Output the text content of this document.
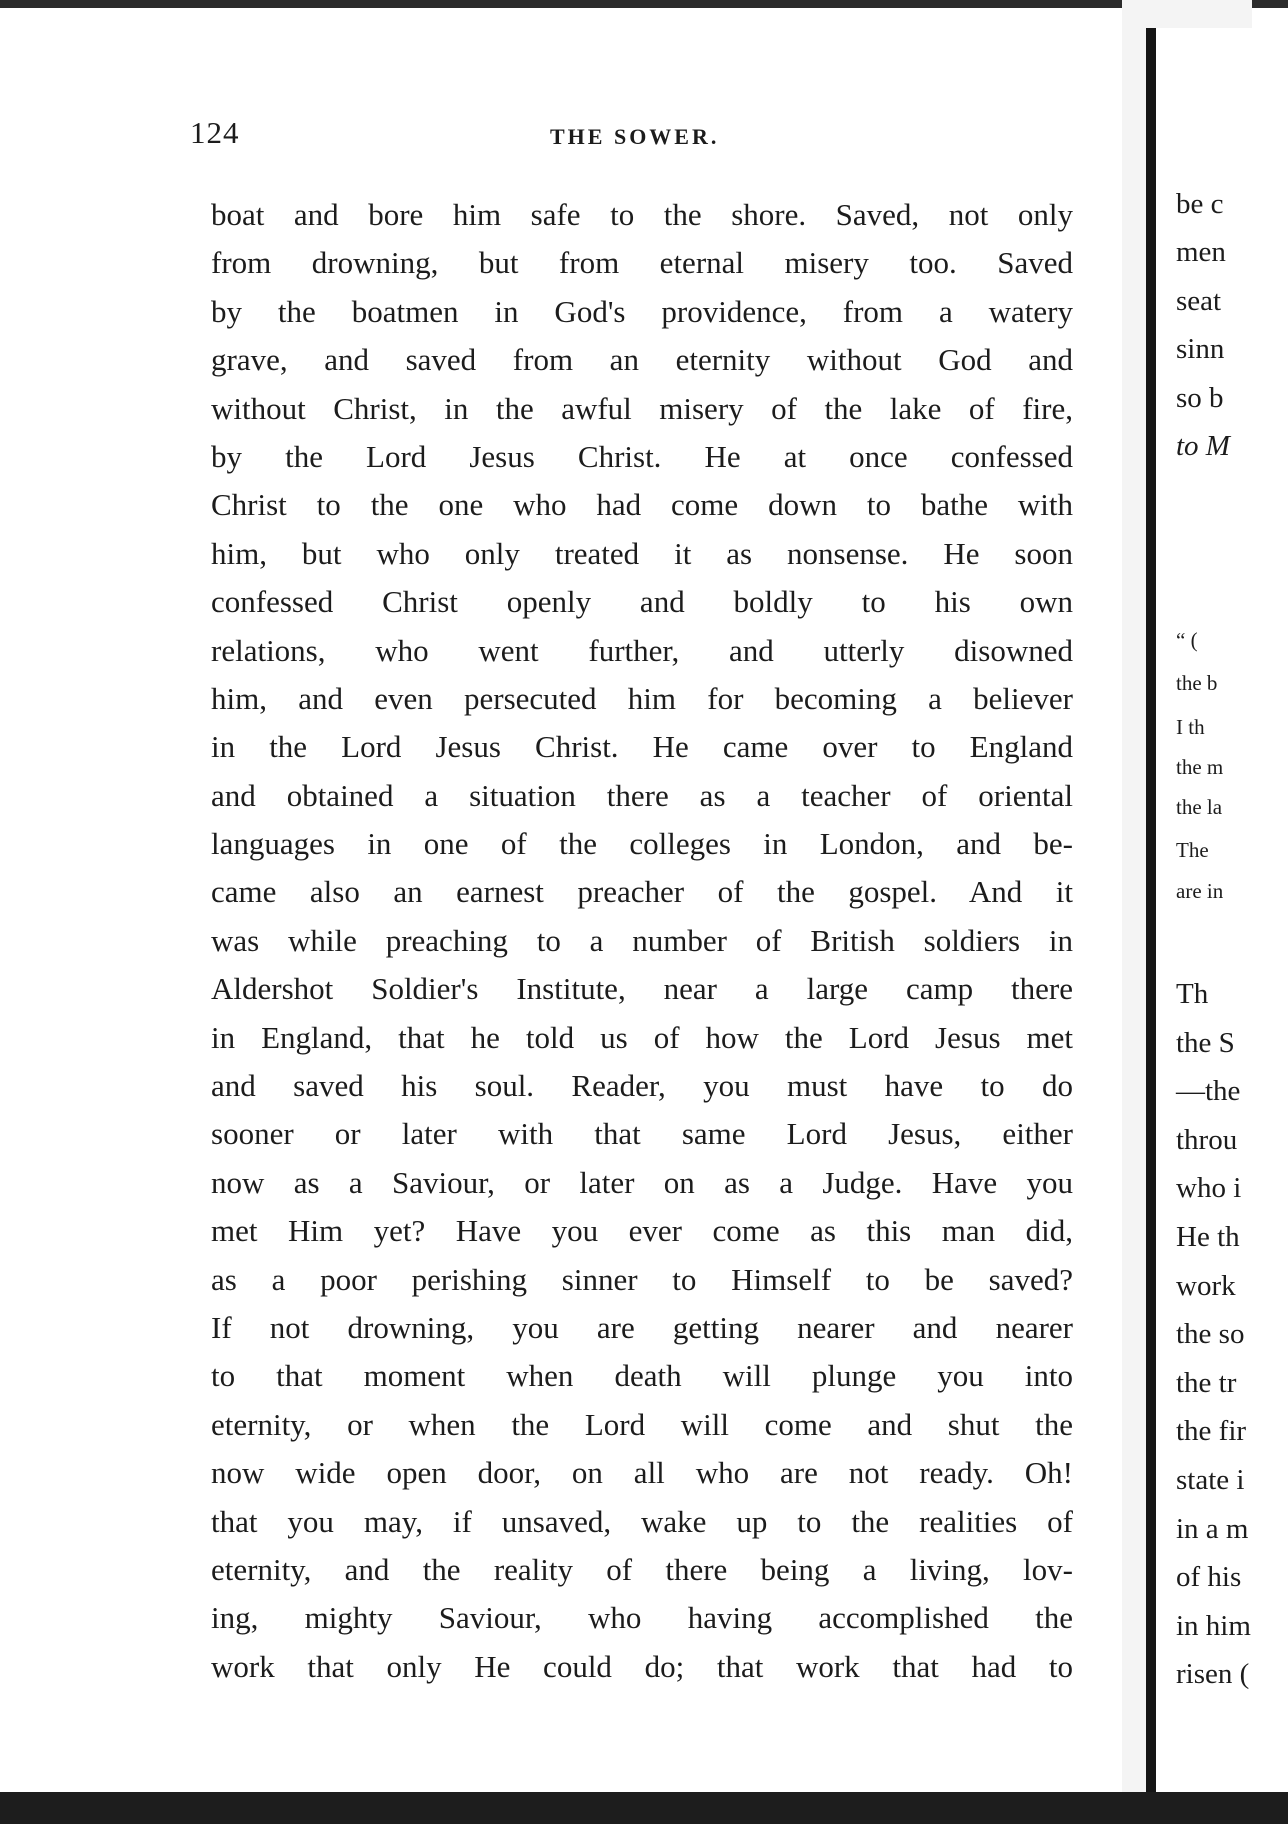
124	THE SOWER.
boat and bore him safe to the shore. Saved, not only
from drowning, but from eternal misery too. Saved
by the boatmen in God's providence, from a watery
grave, and saved from an eternity without God and
without Christ, in the awful misery of the lake of fire,
by the Lord Jesus Christ. He at once confessed
Christ to the one who had come down to bathe with
him, but who only treated it as nonsense. He soon
confessed Christ openly and boldly to his own
relations, who went further, and utterly disowned
him, and even persecuted him for becoming a believer
in the Lord Jesus Christ. He came over to England
and obtained a situation there as a teacher of oriental
languages in one of the colleges in London, and be-
came also an earnest preacher of the gospel. And it
was while preaching to a number of British soldiers in
Aldershot Soldier's Institute, near a large camp there
in England, that he told us of how the Lord Jesus met
and saved his soul. Reader, you must have to do
sooner or later with that same Lord Jesus, either
now as a Saviour, or later on as a Judge. Have you
met Him yet? Have you ever come as this man did,
as a poor perishing sinner to Himself to be saved?
If not drowning, you are getting nearer and nearer
to that moment when death will plunge you into
eternity, or when the Lord will come and shut the
now wide open door, on all who are not ready. Oh!
that you may, if unsaved, wake up to the realities of
eternity, and the reality of there being a living, lov-
ing, mighty Saviour, who having accomplished the
work that only He could do; that work that had to
be c
men
seat
sinn
so b
to M
“ (
the b
I th
the m
the la
The
are in
Th
the S
—the
throu
who i
He th
work
the so
the tr
the fir
state i
in a m
of his
in him
risen (
